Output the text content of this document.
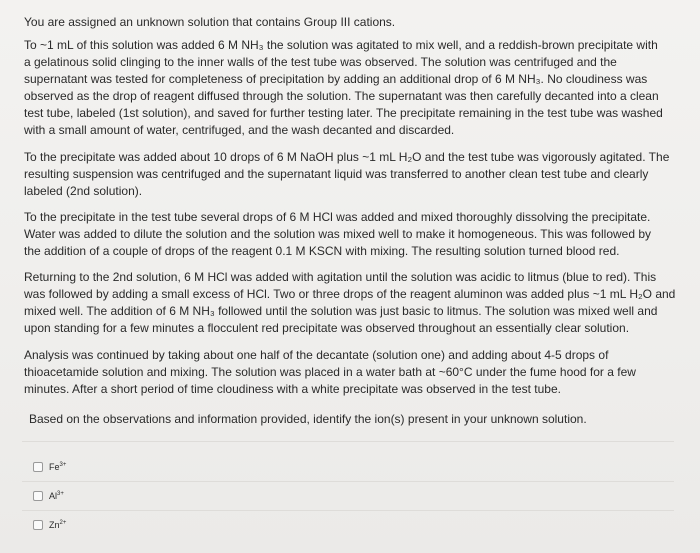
You are assigned an unknown solution that contains Group III cations.

To ~1 mL of this solution was added 6 M NH₃ the solution was agitated to mix well, and a reddish-brown precipitate with
a gelatinous solid clinging to the inner walls of the test tube was observed. The solution was centrifuged and the
supernatant was tested for completeness of precipitation by adding an additional drop of 6 M NH₃. No cloudiness was
observed as the drop of reagent diffused through the solution. The supernatant was then carefully decanted into a clean
test tube, labeled (1st solution), and saved for further testing later. The precipitate remaining in the test tube was washed
with a small amount of water, centrifuged, and the wash decanted and discarded.

To the precipitate was added about 10 drops of 6 M NaOH plus ~1 mL H₂O and the test tube was vigorously agitated. The
resulting suspension was centrifuged and the supernatant liquid was transferred to another clean test tube and clearly
labeled (2nd solution).

To the precipitate in the test tube several drops of 6 M HCl was added and mixed thoroughly dissolving the precipitate.
Water was added to dilute the solution and the solution was mixed well to make it homogeneous. This was followed by
the addition of a couple of drops of the reagent 0.1 M KSCN with mixing. The resulting solution turned blood red.

Returning to the 2nd solution, 6 M HCl was added with agitation until the solution was acidic to litmus (blue to red). This
was followed by adding a small excess of HCl. Two or three drops of the reagent aluminon was added plus ~1 mL H₂O and
mixed well. The addition of 6 M NH₃ followed until the solution was just basic to litmus. The solution was mixed well and
upon standing for a few minutes a flocculent red precipitate was observed throughout an essentially clear solution.

Analysis was continued by taking about one half of the decantate (solution one) and adding about 4-5 drops of
thioacetamide solution and mixing. The solution was placed in a water bath at ~60°C under the fume hood for a few
minutes. After a short period of time cloudiness with a white precipitate was observed in the test tube.

Based on the observations and information provided, identify the ion(s) present in your unknown solution.
$Fe^{3+}$
$Al^{3+}$
$Zn^{2+}$
